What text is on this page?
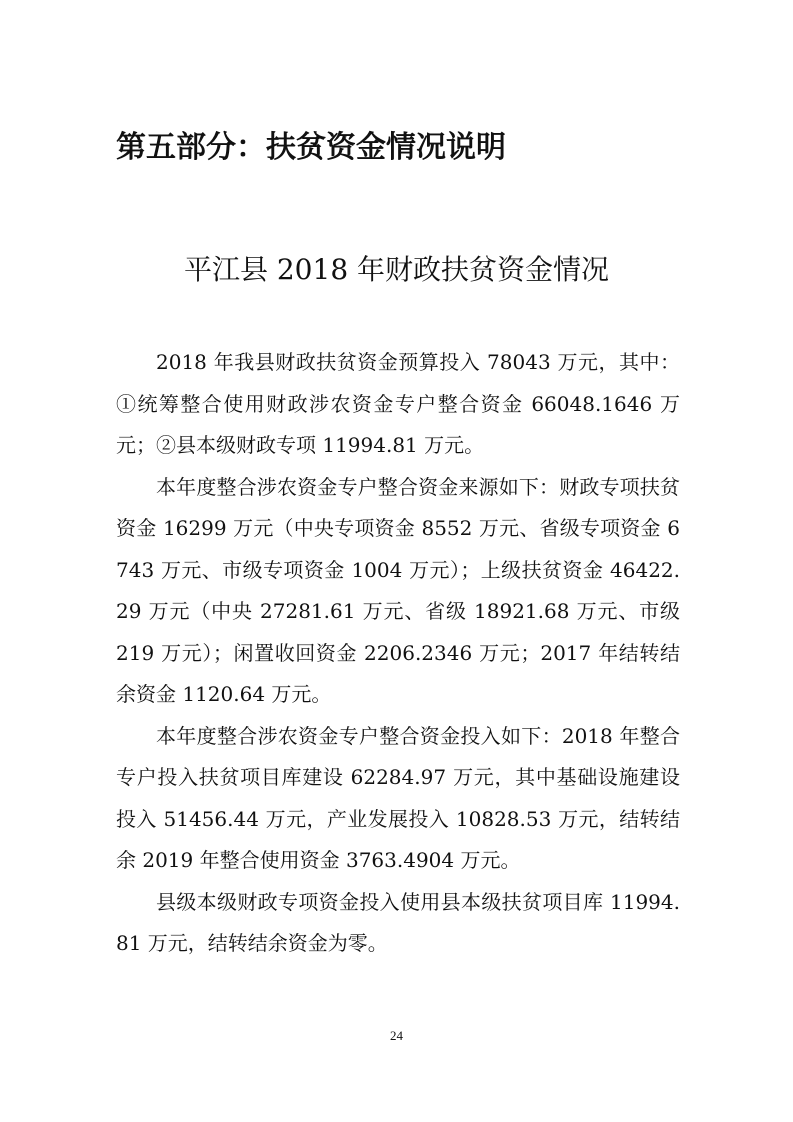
第五部分：扶贫资金情况说明
平江县 2018 年财政扶贫资金情况

2018 年我县财政扶贫资金预算投入 78043 万元，其中：①统筹整合使用财政涉农资金专户整合资金 66048.1646 万元；②县本级财政专项 11994.81 万元。

本年度整合涉农资金专户整合资金来源如下：财政专项扶贫资金 16299 万元（中央专项资金 8552 万元、省级专项资金 6743 万元、市级专项资金 1004 万元）；上级扶贫资金 46422.29 万元（中央 27281.61 万元、省级 18921.68 万元、市级 219 万元）；闲置收回资金 2206.2346 万元；2017 年结转结余资金 1120.64 万元。

本年度整合涉农资金专户整合资金投入如下：2018 年整合专户投入扶贫项目库建设 62284.97 万元，其中基础设施建设投入 51456.44 万元，产业发展投入 10828.53 万元，结转结余 2019 年整合使用资金 3763.4904 万元。

县级本级财政专项资金投入使用县本级扶贫项目库 11994.81 万元，结转结余资金为零。

24
